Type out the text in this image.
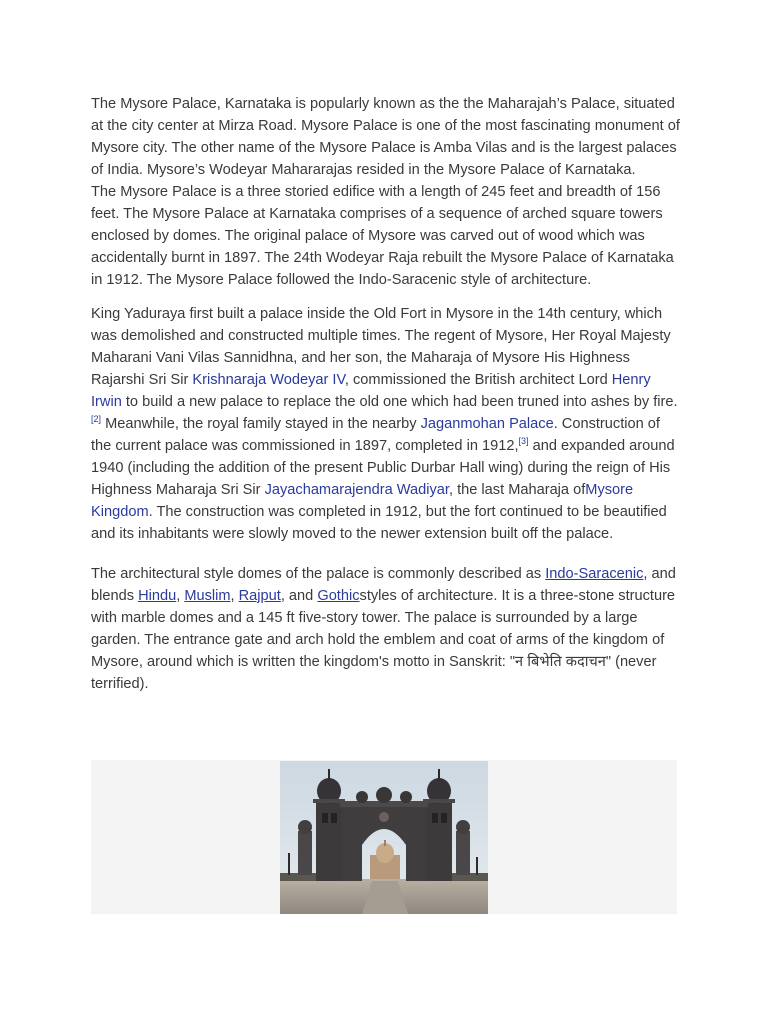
The Mysore Palace, Karnataka is popularly known as the the Maharajah’s Palace, situated at the city center at Mirza Road. Mysore Palace is one of the most fascinating monument of Mysore city. The other name of the Mysore Palace is Amba Vilas and is the largest palaces of India. Mysore’s Wodeyar Mahararajas resided in the Mysore Palace of Karnataka.

The Mysore Palace is a three storied edifice with a length of 245 feet and breadth of 156 feet. The Mysore Palace at Karnataka comprises of a sequence of arched square towers enclosed by domes. The original palace of Mysore was carved out of wood which was accidentally burnt in 1897. The 24th Wodeyar Raja rebuilt the Mysore Palace of Karnataka in 1912. The Mysore Palace followed the Indo-Saracenic style of architecture.

King Yaduraya first built a palace inside the Old Fort in Mysore in the 14th century, which was demolished and constructed multiple times. The regent of Mysore, Her Royal Majesty Maharani Vani Vilas Sannidhna, and her son, the Maharaja of Mysore His Highness Rajarshi Sri Sir Krishnaraja Wodeyar IV, commissioned the British architect Lord Henry Irwin to build a new palace to replace the old one which had been truned into ashes by fire.[2] Meanwhile, the royal family stayed in the nearby Jaganmohan Palace. Construction of the current palace was commissioned in 1897, completed in 1912,[3] and expanded around 1940 (including the addition of the present Public Durbar Hall wing) during the reign of His Highness Maharaja Sri Sir Jayachamarajendra Wadiyar, the last Maharaja ofMysore Kingdom. The construction was completed in 1912, but the fort continued to be beautified and its inhabitants were slowly moved to the newer extension built off the palace.
The architectural style domes of the palace is commonly described as Indo-Saracenic, and blends Hindu, Muslim, Rajput, and Gothicstyles of architecture. It is a three-stone structure with marble domes and a 145 ft five-story tower. The palace is surrounded by a large garden. The entrance gate and arch hold the emblem and coat of arms of the kingdom of Mysore, around which is written the kingdom's motto in Sanskrit: "न बिभेति कदाचन" (never terrified).
